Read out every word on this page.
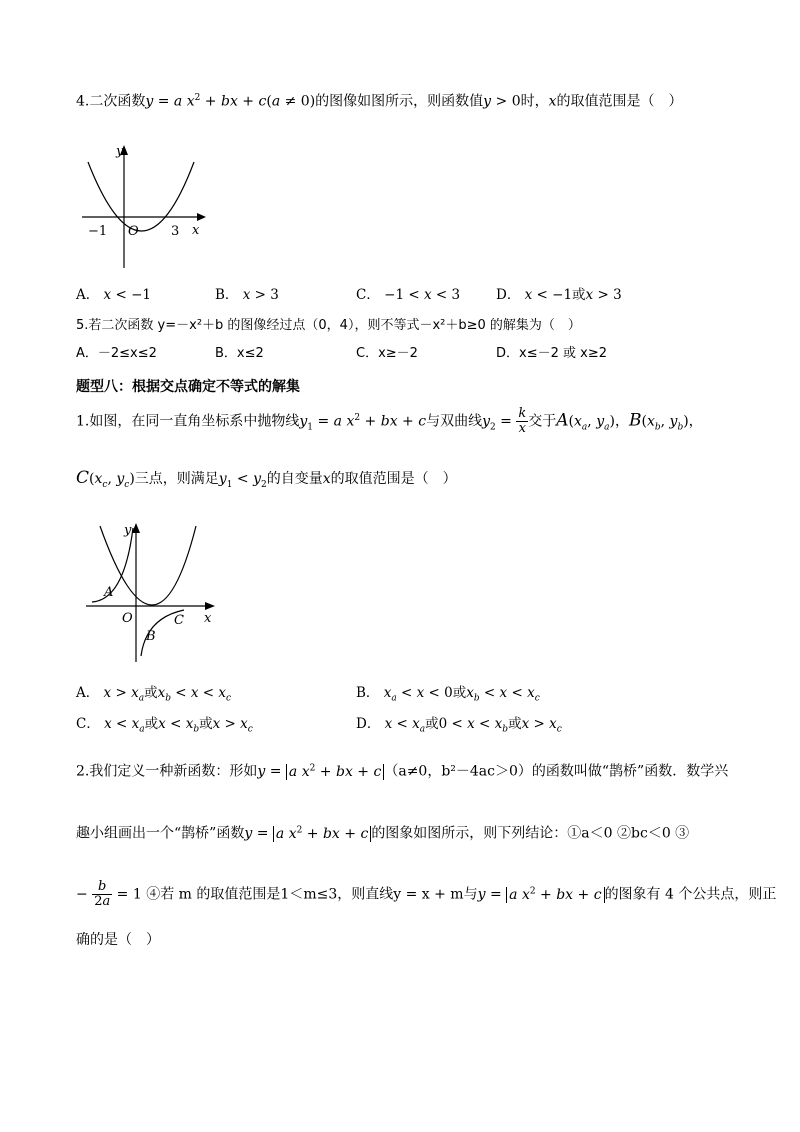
4.二次函数y = a $x^2$ + bx + c(a ≠ 0)的图像如图所示，则函数值y > 0时，x的取值范围是（　）
y
x
O
−1	3
A． x < −1	B． x > 3	C． −1 < x < 3	D． x < −1或x > 3
5.若二次函数 y=－x²＋b 的图像经过点（0，4），则不等式－x²＋b≥0 的解集为（　）
A．－2≤x≤2	B．x≤2	C．x≥－2	D．x≤－2 或 x≥2
题型八：根据交点确定不等式的解集
1.如图，在同一直角坐标系中抛物线$y_1 = a$ $x^2$ + bx + c与双曲线$y_2 = \frac{k}{x}$ 交于$A(x_a$, $y_a$)，$B(x_b$, $y_b$)，
$C(x_c$, $y_c$)三点，则满足$y_1 < y_2$的自变量x的取值范围是（　）
y
x
O
A
B
C
A． $x > x_a$或$x_b < x < x_c$	B． $x_a < x < 0$或$x_b < x < x_c$
C． $x < x_a$或$x < x_b$或$x > x_c$	D． $x < x_a$或$0 < x < x_b$或$x > x_c$
2.我们定义一种新函数：形如y = a $x^2$ + bx + c （a≠0，b²－4ac＞0）的函数叫做“鹊桥”函数．数学兴
趣小组画出一个“鹊桥”函数y = a $x^2$ + bx + c 的图象如图所示，则下列结论：①a＜0 ②bc＜0 ③
− $\frac{b}{2a} = 1$ ④若 m 的取值范围是1＜m≤3，则直线y = x + m与y = a $x^2$ + bx + c 的图象有 4 个公共点，则正
确的是（　）
